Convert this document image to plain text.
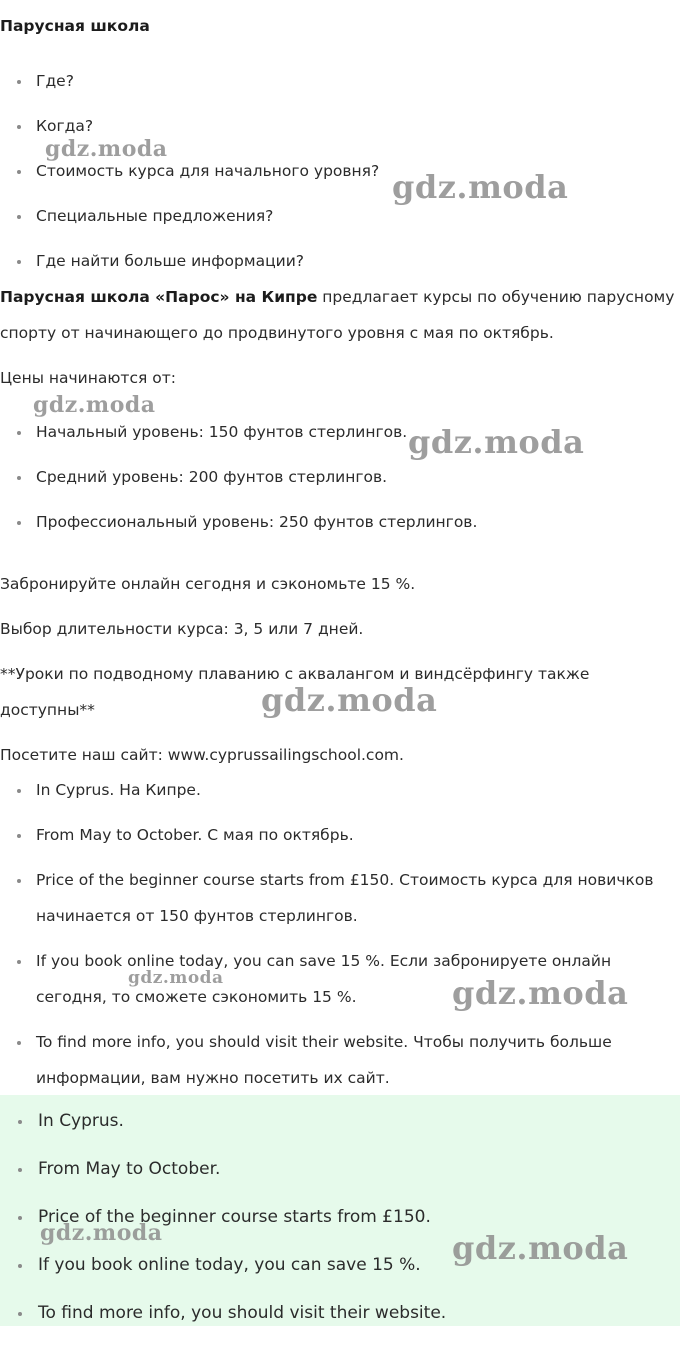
Парусная школа
Где?
Когда?
Стоимость курса для начального уровня?
Специальные предложения?
Где найти больше информации?
Парусная школа «Парос» на Кипре предлагает курсы по обучению парусному спорту от начинающего до продвинутого уровня с мая по октябрь.
Цены начинаются от:
Начальный уровень: 150 фунтов стерлингов.
Средний уровень: 200 фунтов стерлингов.
Профессиональный уровень: 250 фунтов стерлингов.
Забронируйте онлайн сегодня и сэкономьте 15 %.
Выбор длительности курса: 3, 5 или 7 дней.
**Уроки по подводному плаванию с аквалангом и виндсёрфингу также доступны**
Посетите наш сайт: www.cyprussailingschool.com.
In Cyprus. На Кипре.
From May to October. С мая по октябрь.
Price of the beginner course starts from £150. Стоимость курса для новичков начинается от 150 фунтов стерлингов.
If you book online today, you can save 15 %. Если забронируете онлайн сегодня, то сможете сэкономить 15 %.
To find more info, you should visit their website. Чтобы получить больше информации, вам нужно посетить их сайт.
In Cyprus.
From May to October.
Price of the beginner course starts from £150.
If you book online today, you can save 15 %.
To find more info, you should visit their website.
gdz.moda
gdz.moda
gdz.moda
gdz.moda
gdz.moda
gdz.moda	gdz.moda
gdz.moda	gdz.moda
